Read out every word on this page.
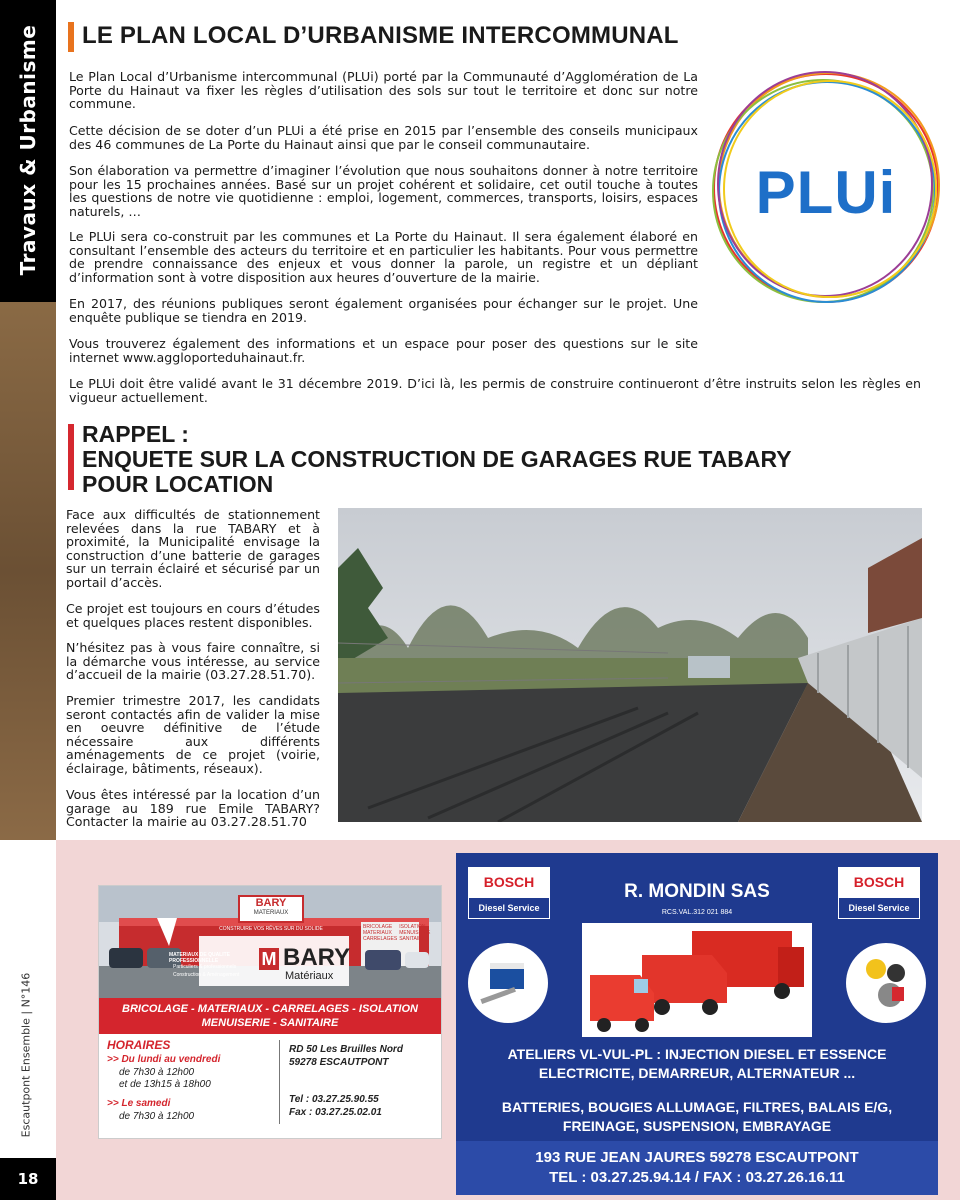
Travaux & Urbanisme
Escautpont Ensemble | N°146
18
LE PLAN LOCAL D’URBANISME INTERCOMMUNAL

Le Plan Local d’Urbanisme intercommunal (PLUi) porté par la Communauté d’Agglomération de La Porte du Hainaut va fixer les règles d’utilisation des sols sur tout le territoire et donc sur notre commune.

Cette décision de se doter d’un PLUi a été prise en 2015 par l’ensemble des conseils municipaux des 46 communes de La Porte du Hainaut ainsi que par le conseil communautaire.

Son élaboration va permettre d’imaginer l’évolution que nous souhaitons donner à notre territoire pour les 15 prochaines années. Basé sur un projet cohérent et solidaire, cet outil touche à toutes les questions de notre vie quotidienne : emploi, logement, commerces, transports, loisirs, espaces naturels, …

Le PLUi sera co-construit par les communes et La Porte du Hainaut. Il sera également élaboré en consultant l’ensemble des acteurs du territoire et en particulier les habitants. Pour vous permettre de prendre connaissance des enjeux et vous donner la parole, un registre et un dépliant d’information sont à votre disposition aux heures d’ouverture de la mairie.

En 2017, des réunions publiques seront également organisées pour échanger sur le projet. Une enquête publique se tiendra en 2019.

Vous trouverez également des informations et un espace pour poser des questions sur le site internet www.aggloporteduhainaut.fr.

Le PLUi doit être validé avant le 31 décembre 2019. D’ici là, les permis de construire continueront d’être instruits selon les règles en vigueur actuellement.

PLUi
RAPPEL :
ENQUETE SUR LA CONSTRUCTION DE GARAGES RUE TABARY
POUR LOCATION

Face aux difficultés de stationnement relevées dans la rue TABARY et à proximité, la Municipalité envisage la construction d’une batterie de garages sur un terrain éclairé et sécurisé par un portail d’accès.

Ce projet est toujours en cours d’études et quelques places restent disponibles.

N’hésitez pas à vous faire connaître, si la démarche vous intéresse, au service d’accueil de la mairie (03.27.28.51.70).

Premier trimestre 2017, les candidats seront contactés afin de valider la mise en oeuvre définitive de l’étude nécessaire aux différents aménagements de ce projet (voirie, éclairage, bâtiments, réseaux).

Vous êtes intéressé par la location d’un garage au 189 rue Emile TABARY? Contacter la mairie au 03.27.28.51.70

BARY
MATERIAUX
CONSTRUIRE VOS RÊVES SUR DU SOLIDE	BRICOLAGE	ISOLATION
MATERIAUX	MENUISERIE
CARRELAGES SANITAIRE
MATERIAUX DE QUALITE PROFESSIONNELLE
Particuliers & professionnels
Construction & Aménagement
M BARY
Matériaux
BRICOLAGE - MATERIAUX - CARRELAGES - ISOLATION
MENUISERIE - SANITAIRE
HORAIRES
>> Du lundi au vendredi
de 7h30 à 12h00
et de 13h15 à 18h00
>> Le samedi
de 7h30 à 12h00
RD 50 Les Bruilles Nord
59278 ESCAUTPONT
Tel : 03.27.25.90.55
Fax : 03.27.25.02.01
BOSCH
Diesel Service
BOSCH
Diesel Service
R. MONDIN SAS
RCS.VAL.312 021 884
ATELIERS VL-VUL-PL : INJECTION DIESEL ET ESSENCE
ELECTRICITE, DEMARREUR, ALTERNATEUR ...
BATTERIES, BOUGIES ALLUMAGE, FILTRES, BALAIS E/G,
FREINAGE, SUSPENSION, EMBRAYAGE
193 RUE JEAN JAURES 59278 ESCAUTPONT
TEL : 03.27.25.94.14 / FAX : 03.27.26.16.11
